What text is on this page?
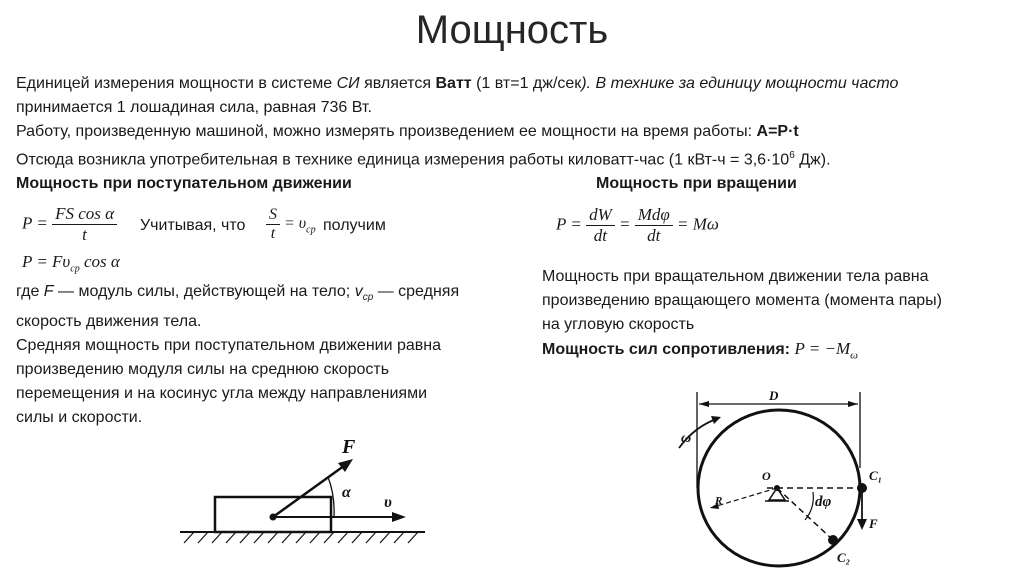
Мощность
Единицей измерения мощности в системе СИ является Ватт (1 вт=1 дж/сек). В технике за единицу мощности часто
принимается 1 лошадиная сила, равная 736 Вт.
Работу, произведенную машиной, можно измерять произведением ее мощности на время работы: A=P·t
Отсюда возникла употребительная в технике единица измерения работы киловатт-час (1 $кВт-ч = 3,6\cdot 10^6$ Дж).
Мощность при поступательном движении
$P = \frac{\text{FS cos α}}{t}$ Учитывая, что $\frac{S}{t} = \upsilon_{ср}$ получим
$P = F\upsilon_{ср}$ cos α
где F — модуль силы, действующей на тело; $v_{ср}$ — средняя
скорость движения тела.
Средняя мощность при поступательном движении равна
произведению модуля силы на среднюю скорость
перемещения и на косинус угла между направлениями
силы и скорости.
Мощность при вращении
$P = \frac{dW}{dt} = \frac{\text{Mdφ}}{dt} = M\omega$
Мощность при вращательном движении тела равна
произведению вращающего момента (момента пары)
на угловую скорость
Мощность сил сопротивления: $P = -M_\omega$
F
α
υ
D
ω
R	dφ
O	C₁
F
C₂
